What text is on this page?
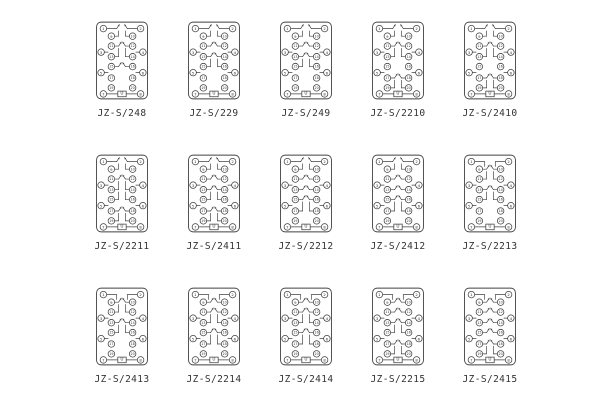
U
1	2
9	10
11	12
3	4
13	14
15	16
5	6
17	18
19	20
7	8
JZ-S/248
U
1	2
9	10
11	12
3	4
13	14
15	16
5	6
17	18
19	20
7	8
JZ-S/229
U
1	2
9	10
11	12
3	4
13	14
15	16
5	6
17	18
19	20
7	8
JZ-S/249
U
1	2
9	10
11	12
3	4
13	14
15	16
5	6
17	18
19	20
7	8
JZ-S/2210
U
1	2
9	10
11	12
3	4
13	14
15	16
5	6
17	18
19	20
7	8
JZ-S/2410
U
1	2
9	10
11	12
3	4
13	14
15	16
5	6
17	18
19	20
7	8
JZ-S/2211
U
1	2
9	10
11	12
3	4
13	14
15	16
5	6
17	18
19	20
7	8
JZ-S/2411
U
1	2
9	10
11	12
3	4
13	14
15	16
5	6
17	18
19	20
7	8
JZ-S/2212
U
1	2
9	10
11	12
3	4
13	14
15	16
5	6
17	18
19	20
7	8
JZ-S/2412
U
1	2
9	10
11	12
3	4
13	14
15	16
5	6
17	18
19	20
7	8
JZ-S/2213
U
1	2
9	10
11	12
3	4
13	14
15	16
5	6
17	18
19	20
7	8
JZ-S/2413
U
1	2
9	10
11	12
3	4
13	14
15	16
5	6
17	18
19	20
7	8
JZ-S/2214
U
1	2
9	10
11	12
3	4
13	14
15	16
5	6
17	18
19	20
7	8
JZ-S/2414
U
1	2
9	10
11	12
3	4
13	14
15	16
5	6
17	18
19	20
7	8
JZ-S/2215
U
1	2
9	10
11	12
3	4
13	14
15	16
5	6
17	18
19	20
7	8
JZ-S/2415
